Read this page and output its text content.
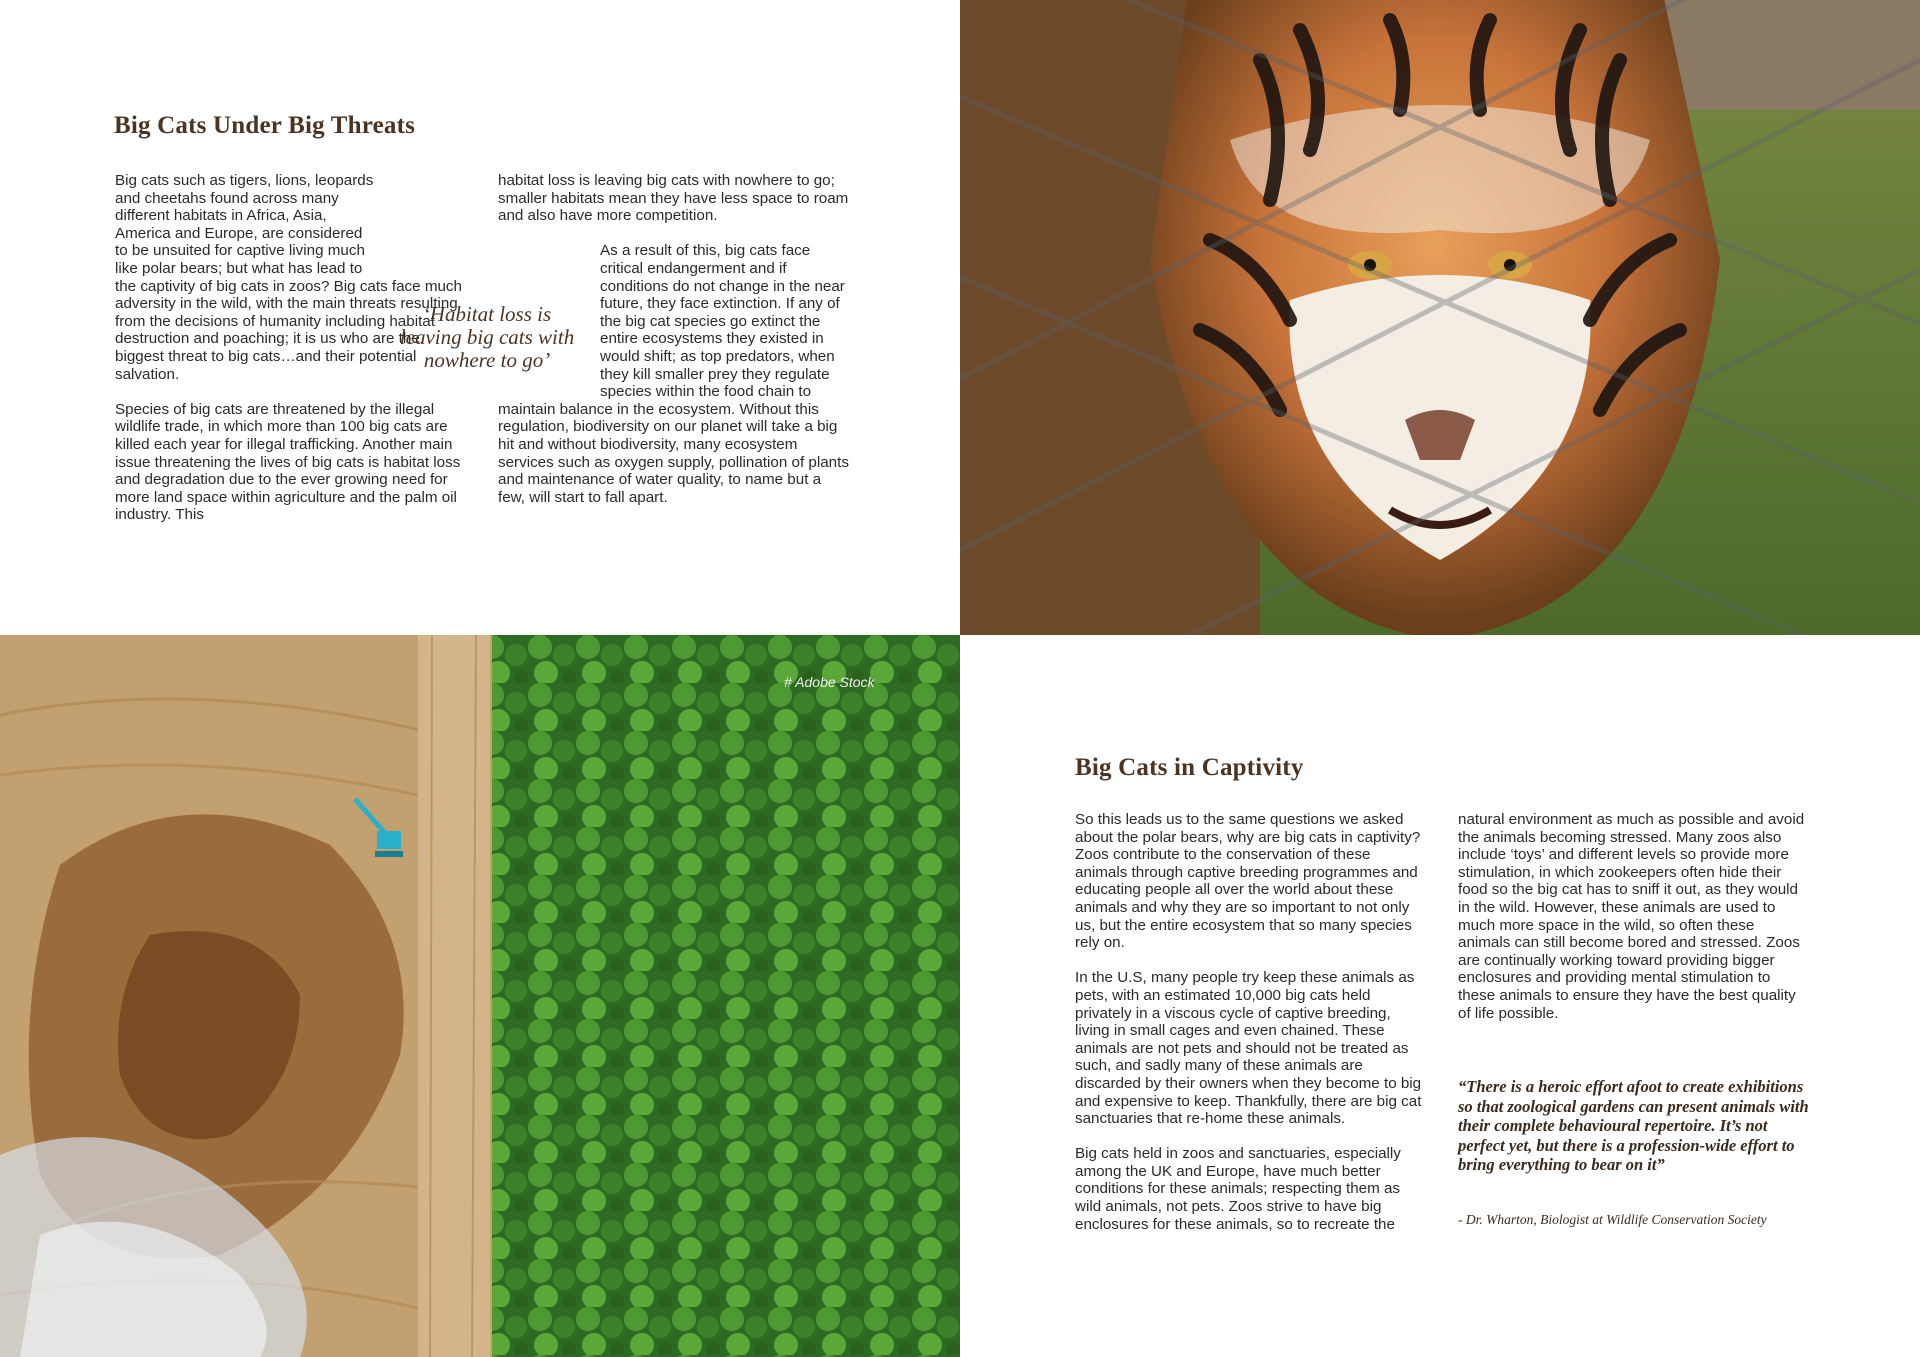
Big Cats Under Big Threats

Big cats such as tigers, lions, leopards and cheetahs found across many different habitats in Africa, Asia, America and Europe, are considered to be unsuited for captive living much like polar bears; but what has lead to the captivity of big cats in zoos? Big cats face much adversity in the wild, with the main threats resulting from the decisions of humanity including habitat destruction and poaching; it is us who are the biggest threat to big cats…and their potential salvation.

Species of big cats are threatened by the illegal wildlife trade, in which more than 100 big cats are killed each year for illegal trafficking. Another main issue threatening the lives of big cats is habitat loss and degradation due to the ever growing need for more land space within agriculture and the palm oil industry. This

‘Habitat loss is leaving big cats with nowhere to go’

habitat loss is leaving big cats with nowhere to go; smaller habitats mean they have less space to roam and also have more competition.

As a result of this, big cats face critical endangerment and if conditions do not change in the near future, they face extinction. If any of the big cat species go extinct the entire ecosystems they existed in would shift; as top predators, when they kill smaller prey they regulate species within the food chain to maintain balance in the ecosystem. Without this regulation, biodiversity on our planet will take a big hit and without biodiversity, many ecosystem services such as oxygen supply, pollination of plants and maintenance of water quality, to name but a few, will start to fall apart.

# Adobe Stock
Big Cats in Captivity

So this leads us to the same questions we asked about the polar bears, why are big cats in captivity? Zoos contribute to the conservation of these animals through captive breeding programmes and educating people all over the world about these animals and why they are so important to not only us, but the entire ecosystem that so many species rely on.

In the U.S, many people try keep these animals as pets, with an estimated 10,000 big cats held privately in a viscous cycle of captive breeding, living in small cages and even chained. These animals are not pets and should not be treated as such, and sadly many of these animals are discarded by their owners when they become to big and expensive to keep. Thankfully, there are big cat sanctuaries that re-home these animals.

Big cats held in zoos and sanctuaries, especially among the UK and Europe, have much better conditions for these animals; respecting them as wild animals, not pets. Zoos strive to have big enclosures for these animals, so to recreate the

natural environment as much as possible and avoid the animals becoming stressed. Many zoos also include ‘toys’ and different levels so provide more stimulation, in which zookeepers often hide their food so the big cat has to sniff it out, as they would in the wild. However, these animals are used to much more space in the wild, so often these animals can still become bored and stressed. Zoos are continually working toward providing bigger enclosures and providing mental stimulation to these animals to ensure they have the best quality of life possible.

“There is a heroic effort afoot to create exhibitions so that zoological gardens can present animals with their complete behavioural repertoire. It’s not perfect yet, but there is a profession-wide effort to bring everything to bear on it”
- Dr. Wharton, Biologist at Wildlife Conservation Society
